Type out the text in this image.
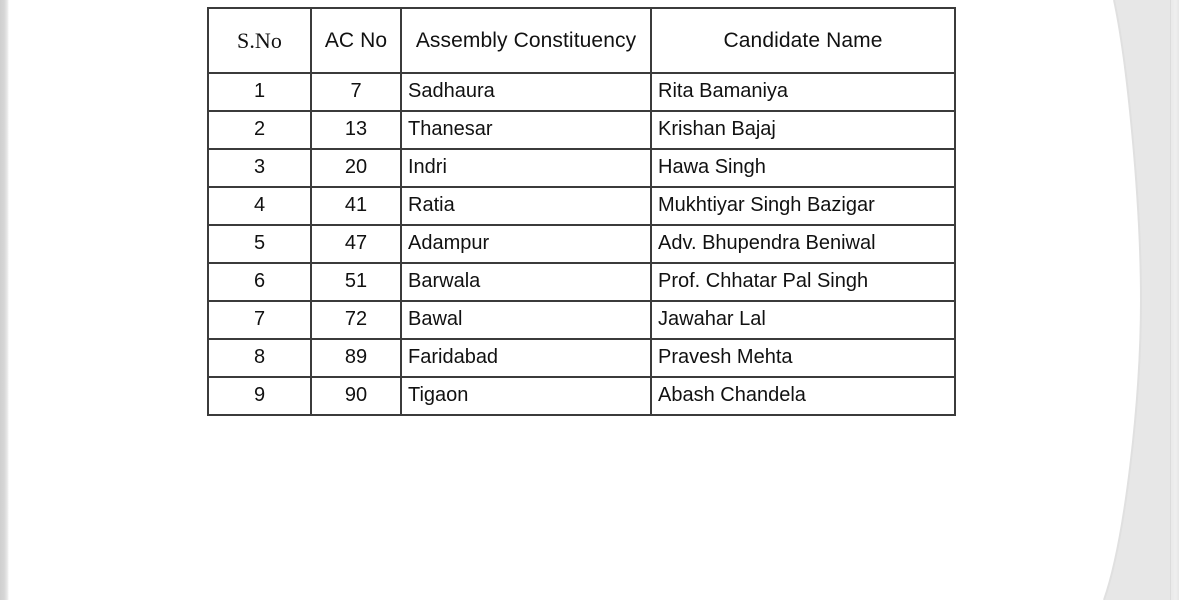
S.No	AC No	Assembly Constituency	Candidate Name
1	7	Sadhaura	Rita Bamaniya
2	13	Thanesar	Krishan Bajaj
3	20	Indri	Hawa Singh
4	41	Ratia	Mukhtiyar Singh Bazigar
5	47	Adampur	Adv. Bhupendra Beniwal
6	51	Barwala	Prof. Chhatar Pal Singh
7	72	Bawal	Jawahar Lal
8	89	Faridabad	Pravesh Mehta
9	90	Tigaon	Abash Chandela
